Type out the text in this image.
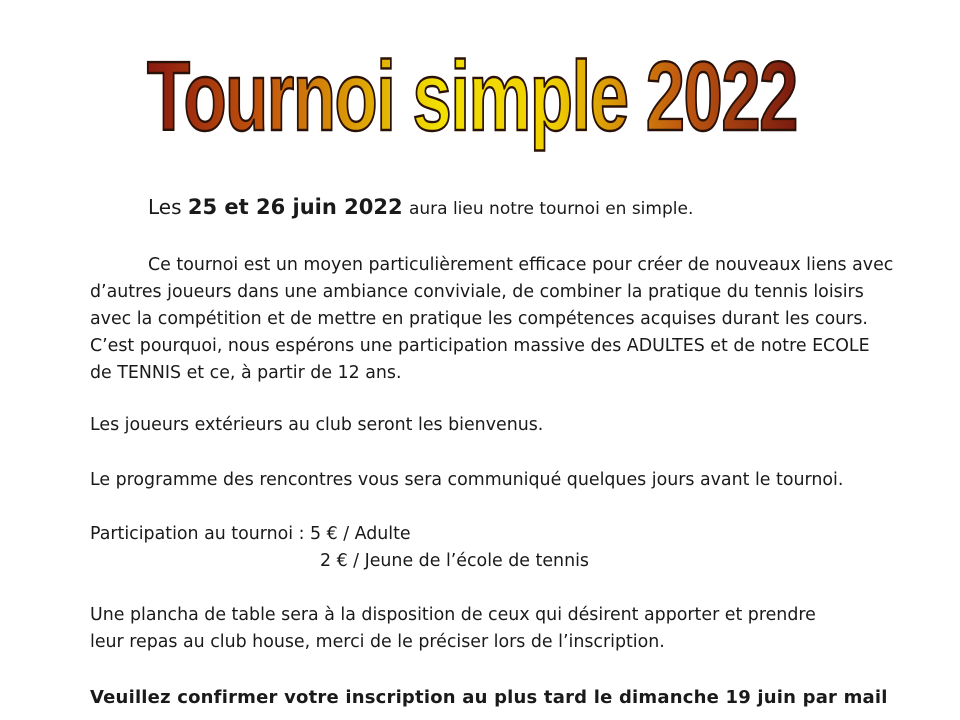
Tournoi simple 2022
Les 25 et 26 juin 2022 aura lieu notre tournoi en simple.
Ce tournoi est un moyen particulièrement efficace pour créer de nouveaux liens avec
d’autres joueurs dans une ambiance conviviale, de combiner la pratique du tennis loisirs
avec la compétition et de mettre en pratique les compétences acquises durant les cours.
C’est pourquoi, nous espérons une participation massive des ADULTES et de notre ECOLE
de TENNIS et ce, à partir de 12 ans.
Les joueurs extérieurs au club seront les bienvenus.
Le programme des rencontres vous sera communiqué quelques jours avant le tournoi.
Participation au tournoi : 5 € / Adulte
2 € / Jeune de l’école de tennis
Une plancha de table sera à la disposition de ceux qui désirent apporter et prendre
leur repas au club house, merci de le préciser lors de l’inscription.
Veuillez confirmer votre inscription au plus tard le dimanche 19 juin par mail
